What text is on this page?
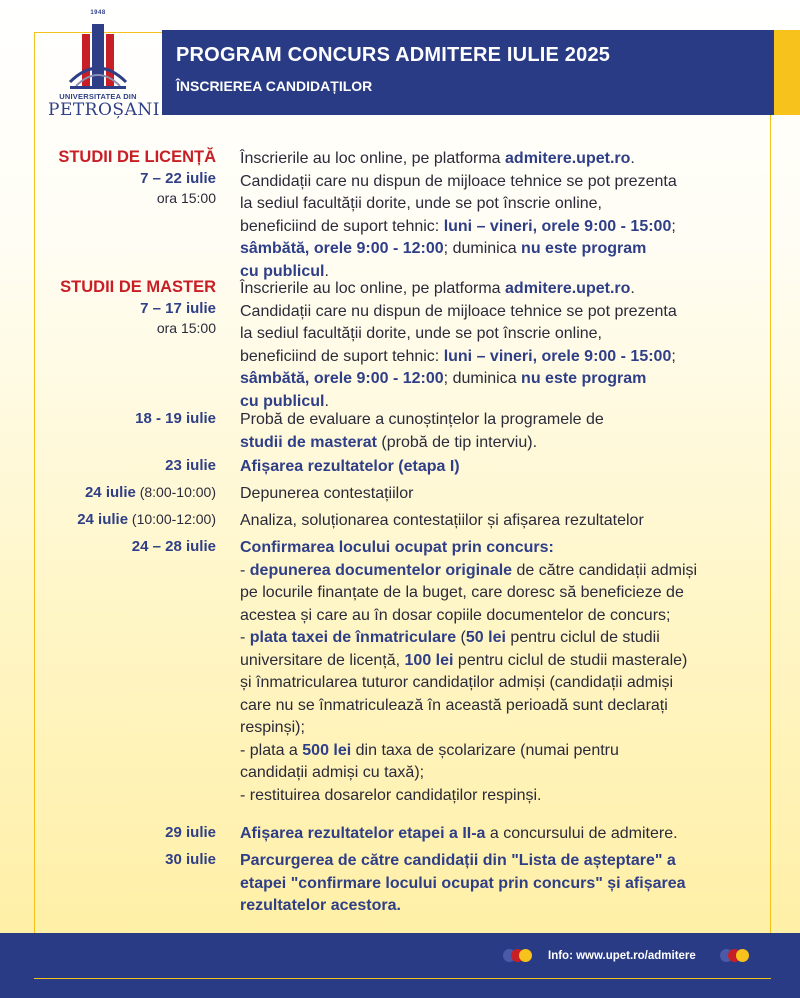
1948
UNIVERSITATEA DIN
PETROȘANI
PROGRAM CONCURS ADMITERE IULIE 2025
ÎNSCRIEREA CANDIDAȚILOR
STUDII DE LICENȚĂ
7 – 22 iulie
ora 15:00
Înscrierile au loc online, pe platforma admitere.upet.ro.
Candidații care nu dispun de mijloace tehnice se pot prezenta
la sediul facultății dorite, unde se pot înscrie online,
beneficiind de suport tehnic: luni – vineri, orele 9:00 - 15:00;
sâmbătă, orele 9:00 - 12:00; duminica nu este program
cu publicul.
STUDII DE MASTER
7 – 17 iulie
ora 15:00
Înscrierile au loc online, pe platforma admitere.upet.ro.
Candidații care nu dispun de mijloace tehnice se pot prezenta
la sediul facultății dorite, unde se pot înscrie online,
beneficiind de suport tehnic: luni – vineri, orele 9:00 - 15:00;
sâmbătă, orele 9:00 - 12:00; duminica nu este program
cu publicul.
18 - 19 iulie Probă de evaluare a cunoștințelor la programele de
studii de masterat (probă de tip interviu).
23 iulie Afișarea rezultatelor (etapa I)
24 iulie (8:00-10:00) Depunerea contestațiilor
24 iulie (10:00-12:00) Analiza, soluționarea contestațiilor și afișarea rezultatelor
24 – 28 iulie Confirmarea locului ocupat prin concurs:
- depunerea documentelor originale de către candidații admiși
pe locurile finanțate de la buget, care doresc să beneficieze de
acestea și care au în dosar copiile documentelor de concurs;
- plata taxei de înmatriculare (50 lei pentru ciclul de studii
universitare de licență, 100 lei pentru ciclul de studii masterale)
și înmatricularea tuturor candidaților admiși (candidații admiși
care nu se înmatriculează în această perioadă sunt declarați
respinși);
- plata a 500 lei din taxa de școlarizare (numai pentru
candidații admiși cu taxă);
- restituirea dosarelor candidaților respinși.
29 iulie Afișarea rezultatelor etapei a II-a a concursului de admitere.
30 iulie Parcurgerea de către candidații din "Lista de așteptare" a
etapei "confirmare locului ocupat prin concurs" și afișarea
rezultatelor acestora.
Info: www.upet.ro/admitere
